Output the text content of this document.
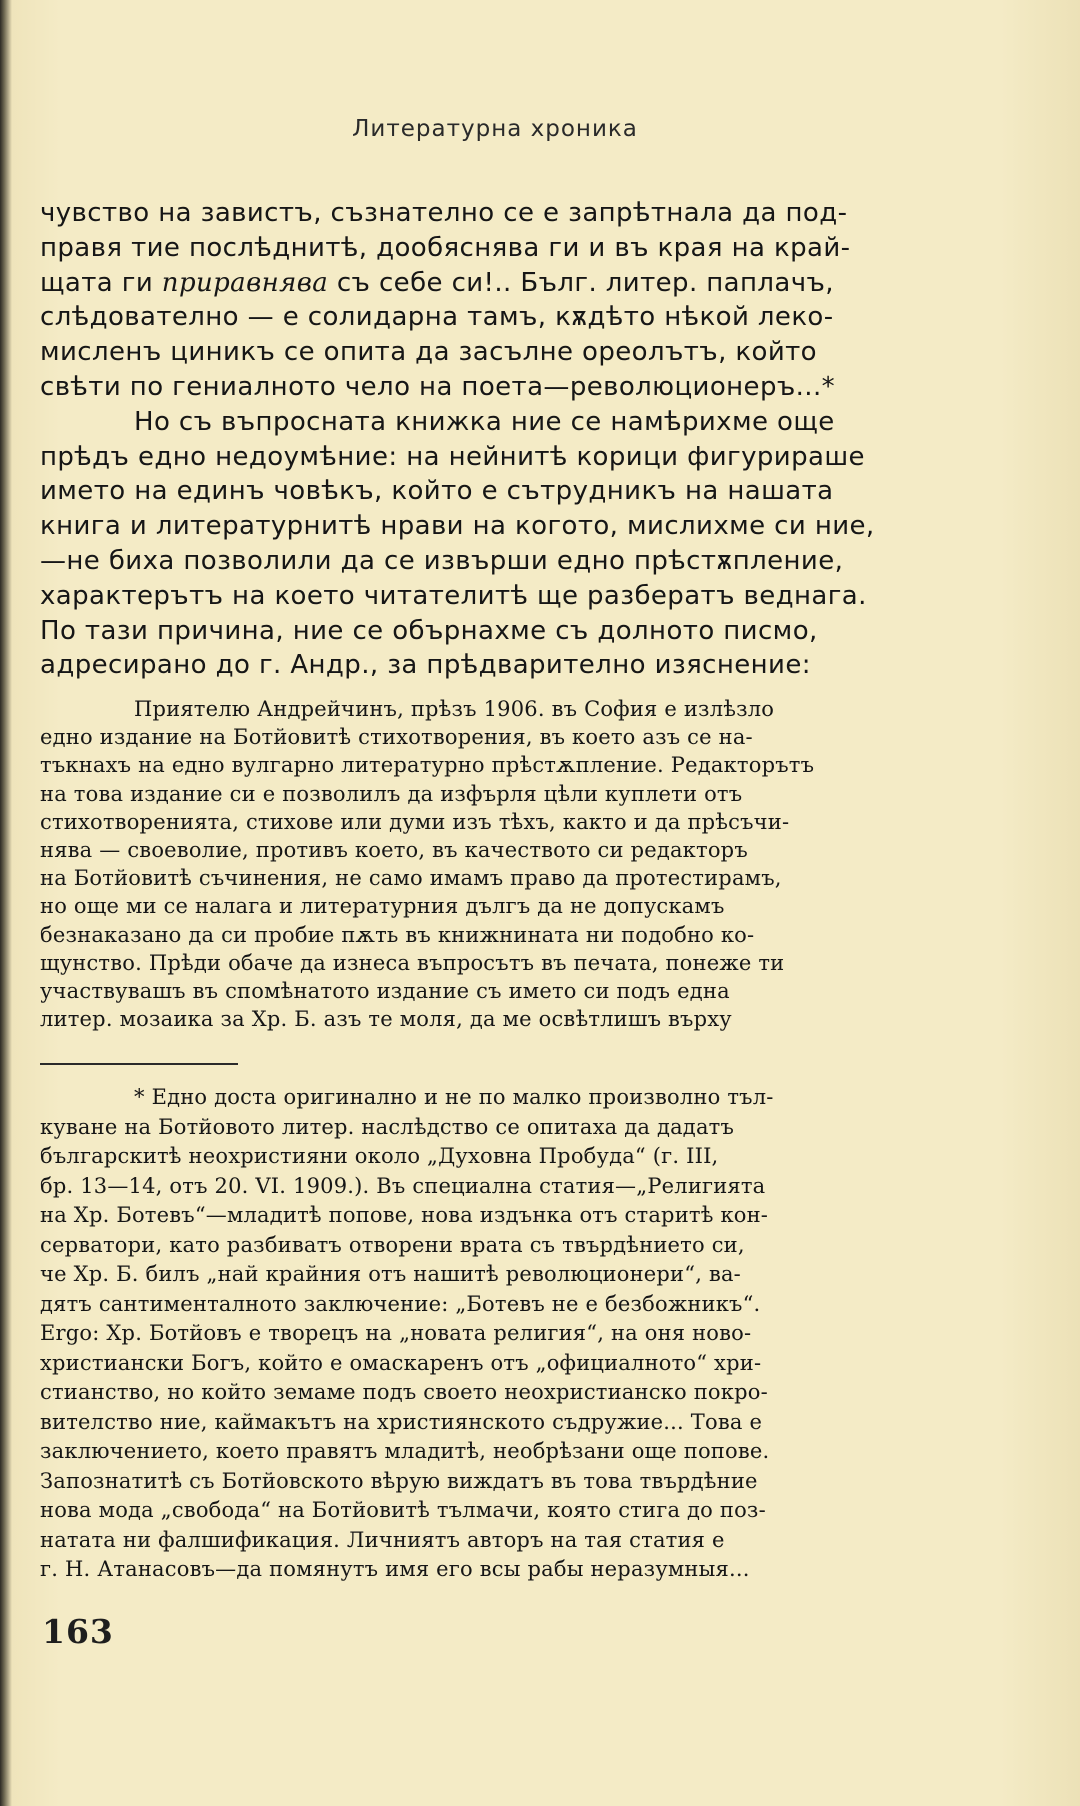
Литературна хроника
чувство на завистъ, съзнателно се е запрѣтнала да под-
правя тие послѣднитѣ, дообяснява ги и въ края на край-
щата ги приравнява съ себе си!.. Бълг. литер. паплачъ,
слѣдователно — е солидарна тамъ, кѫдѣто нѣкой леко-
мисленъ циникъ се опита да засълне ореолътъ, който
свѣти по гениалното чело на поета—революционеръ...*
Но съ въпросната книжка ние се намѣрихме още
прѣдъ едно недоумѣние: на нейнитѣ корици фигурираше
името на единъ човѣкъ, който е сътрудникъ на нашата
книга и литературнитѣ нрави на когото, мислихме си ние,
—не биха позволили да се извърши едно прѣстѫпление,
характерътъ на което читателитѣ ще разбератъ веднага.
По тази причина, ние се обърнахме съ долното писмо,
адресирано до г. Андр., за прѣдварително изяснение:
Приятелю Андрейчинъ, прѣзъ 1906. въ София е излѣзло
едно издание на Ботйовитѣ стихотворения, въ което азъ се на-
тъкнахъ на едно вулгарно литературно прѣстѫпление. Редакторътъ
на това издание си е позволилъ да изфърля цѣли куплети отъ
стихотворенията, стихове или думи изъ тѣхъ, както и да прѣсъчи-
нява — своеволие, противъ което, въ качеството си редакторъ
на Ботйовитѣ съчинения, не само имамъ право да протестирамъ,
но още ми се налага и литературния дългъ да не допускамъ
безнаказано да си пробие пѫть въ книжнината ни подобно ко-
щунство. Прѣди обаче да изнеса въпросътъ въ печата, понеже ти
участвувашъ въ спомѣнатото издание съ името си подъ една
литер. мозаика за Хр. Б. азъ те моля, да ме освѣтлишъ върху
* Едно доста оригинално и не по малко произволно тъл-
куване на Ботйовото литер. наслѣдство се опитаха да дадатъ
българскитѣ неохристияни около „Духовна Пробуда“ (г. III,
бр. 13—14, отъ 20. VI. 1909.). Въ специална статия—„Религията
на Хр. Ботевъ“—младитѣ попове, нова издънка отъ старитѣ кон-
серватори, като разбиватъ отворени врата съ твърдѣнието си,
че Хр. Б. билъ „най крайния отъ нашитѣ революционери“, ва-
дятъ сантименталното заключение: „Ботевъ не е безбожникъ“.
Ergo: Хр. Ботйовъ е творецъ на „новата религия“, на оня ново-
христиански Богъ, който е омаскаренъ отъ „официалното“ хри-
стианство, но който земаме подъ своето неохристианско покро-
вителство ние, каймакътъ на християнското съдружие... Това е
заключението, което правятъ младитѣ, необрѣзани още попове.
Запознатитѣ съ Ботйовското вѣрую виждатъ въ това твърдѣние
нова мода „свобода“ на Ботйовитѣ тълмачи, която стига до поз-
натата ни фалшификация. Личниятъ авторъ на тая статия е
г. Н. Атанасовъ—да помянутъ имя его всы рабы неразумныя...
163
